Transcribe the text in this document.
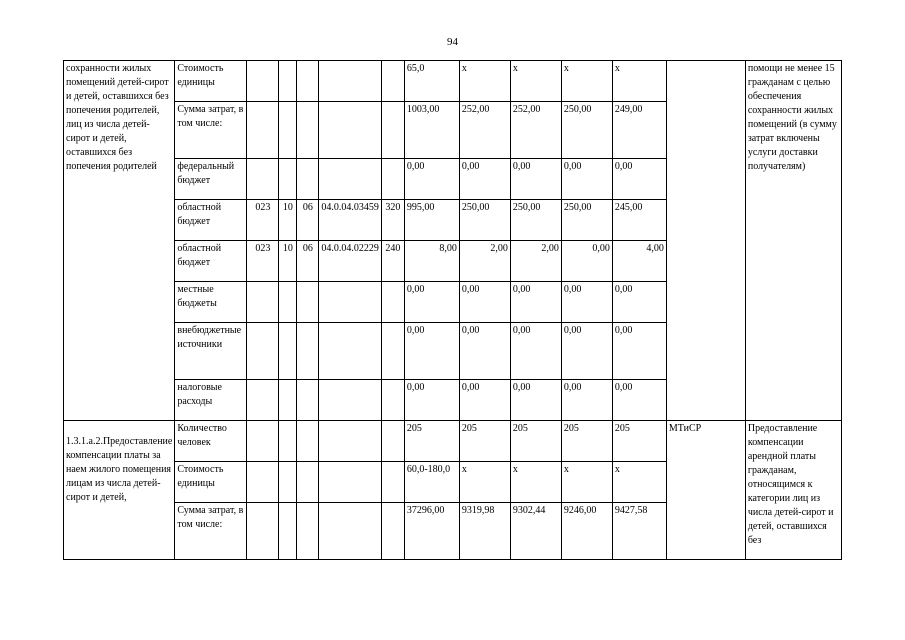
94
сохранности жилых помещений детей-сирот и детей, оставшихся без попечения родителей, лиц из числа детей-сирот и детей, оставшихся без попечения родителей	Стоимость единицы						65,0	х	х	х	х		помощи не менее 15 гражданам с целью обеспечения сохранности жилых помещений (в сумму затрат включены услуги доставки получателям)
	Сумма затрат, в том числе:						1003,00	252,00	252,00	250,00	249,00		
	федеральный бюджет						0,00	0,00	0,00	0,00	0,00		
	областной бюджет	023	10	06	04.0.04.03459	320	995,00	250,00	250,00	250,00	245,00		
	областной бюджет	023	10	06	04.0.04.02229	240	8,00	2,00	2,00	0,00	4,00		
	местные бюджеты						0,00	0,00	0,00	0,00	0,00		
	внебюджетные источники						0,00	0,00	0,00	0,00	0,00		
	налоговые расходы						0,00	0,00	0,00	0,00	0,00		
1.3.1.а.2.Предоставление компенсации платы за наем жилого помещения лицам из числа детей-сирот и детей,	Количество человек						205	205	205	205	205	МТиСР	Предоставление компенсации арендной платы гражданам, относящимся к категории лиц из числа детей-сирот и детей, оставшихся без
	Стоимость единицы						60,0-180,0	х	х	х	х		
	Сумма затрат, в том числе:						37296,00	9319,98	9302,44	9246,00	9427,58		
